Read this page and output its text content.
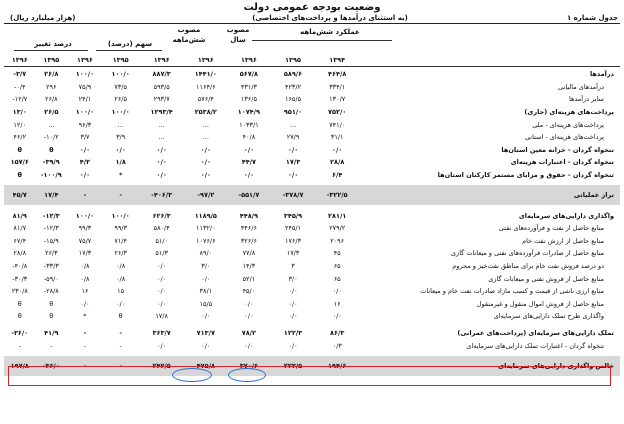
وضعیت بودجه عمومی دولت
جدول شماره ۱
(به استثنای درآمدها و پرداخت‌های اختصاصی)
(هزار میلیارد ریال)
عملکرد شش‌ماهه
مصوب
سال
مصوب
شش‌ماهه
سهم (درصد)
درصد تغییر
۱۳۹۶	۱۳۹۵	۱۳۹۶	۱۳۹۵	۱۳۹۶	۱۳۹۶	۱۳۹۶	۱۳۹۵	۱۳۹۴		
-۳/۷	۲۶/۸	۱۰۰/۰	۱۰۰/۰	۸۸۷/۳	۱۴۴۱/۰	۵۶۷/۸	۵۸۹/۶	۴۶۴/۸		درآمدها
-۰/۴	۲۹۶	۷۵/۹	۷۳/۵	۵۹۳/۵	۱۱۶۴/۶	۴۳۱/۳	۴۲۳/۲	۳۳۴/۱		درآمدهای مالیاتی
-۱۲/۷	۲۶/۸	۲۴/۱	۲۶/۵	۲۹۳/۷	۵۷۶/۴	۱۳۶/۵	۱۶۵/۵	۱۳۰/۷		سایر درآمدها
۱۳/۰	۲۶/۵	۱۰۰/۰	۱۰۰/۰	۱۲۹۳/۴	۲۵۳۸/۲	۱۰۷۴/۹	۹۵۱/۰	۷۵۲/۰		پرداخت‌های هزینه‌ای (جاری)
۱۲/۰	...	۹۶/۳	...	...	...	۱۰۳۳/۱	...	۷۴۱/۰		پرداخت‌های هزینه‌ای - ملی
۴۶/۲	-۱۰/۲	۳/۷	۳/۹	...	...	۴۰/۸	۲۷/۹	۳۱/۱		پرداخت‌های هزینه‌ای - استانی
θ	θ	۰/۰	۰/۰	۰/۰	۰/۰	۰/۰	۰/۰	۰/۰		تنخواه گردان - خزانه معین استان‌ها
۱۵۷/۶	-۳۹/۹	۴/۲	۱/۸	۰/۰	۰/۰	۴۴/۷	۱۷/۳	۲۸/۸		تنخواه گردان - اعتبارات هزینه‌ای
θ	-۱۰۰/۹	۰/۰	*	۰/۰	۰/۰	۰/۰	۰/۰	۶/۴		تنخواه گردان - حقوق و مزایای مستمر کارکنان استان‌ها

۴۵/۷	۱۷/۴	-	-	-۴۰۶/۳	-۹۷/۲	-۵۵۱/۷	-۳۷۸/۷	-۳۲۲/۵		تراز عملیاتی

۸۱/۹	-۱۲/۳	۱۰۰/۰	۱۰۰/۰	۶۲۶/۳	۱۱۸۹/۵	۴۴۸/۹	۳۴۵/۹	۲۸۱/۱		واگذاری دارایی‌های سرمایه‌ای
۸۱/۷	-۱۲/۳	۹۹/۳	۹۹/۳	۵۸۰/۴	۱۱۳۲/۰	۴۴۶/۶	۲۴۵/۱	۲۷۹/۲		منابع حاصل از نفت و فرآورده‌های نفتی
۶۷/۴	-۱۵/۹	۷۵/۷	۷۱/۴	۵۱/۰	۱۰۷۶/۶	۳۲۶/۶	۱۷۶/۳	۲۰۹۶		منابع حاصل از ارزش نفت خام
۲۸/۸	۲۶/۳	۱۷/۳	۲۶/۳	۵۱/۳	۸۹/۰	۷۷/۸	۱۷/۳	۴۵		منابع حاصل از صادرات فرآورده‌های نفتی و میعانات گازی
-۴۰/۸	-۳۳/۳	۰/۸	۰/۸	۰/۰	۳/۰	۱۴/۳	۳	۶۵		دو درصد فروش نفت خام برای مناطق نفت‌خیز و محروم
-۳۰/۳	-۵۹/۰	۰/۸	۰/۸	۰/۰	۰/۰	۵۲/۱	۳/۰	۶۵		منابع حاصل از فروش نفتی و میعانات گازی
۲۳۰/۸	-۲۸/۸	۱۶	۱۵	۰/۰	۳۸/۱	۴۵/۰	۰/۰	۰/۰		منابع ارزی ناشی از قیمت و کسب مازاد صادرات نفت خام و میعانات
θ	θ	۰/۰	۰/۰	۰/۰	۱۵/۵	۰/۰	۰/۰	۱۶		منابع حاصل از فروش اموال منقول و غیرمنقول
θ	θ	*	θ	۱۷/۸	۰/۰	۰/۰	۰/۰	۰/۰		واگذاری طرح تملک دارایی‌های سرمایه‌ای

-۳۶/۰	۴۱/۹	-	-	۳۶۳/۷	۷۱۳/۷	۷۸/۲	۱۲۲/۳	۸۶/۳		تملک دارایی‌های سرمایه‌ای (پرداخت‌های عمرانی)
-	-	-	-	۰/۰	۰/۰	۰/۰	۰/۰	۰/۳		تنخواه گردان - اعتبارات تملک دارایی‌های سرمایه‌ای

۱۹۷/۸	-۳۶/۰	-	-	۲۴۲/۵	۴۷۵/۸	۳۷۰/۶	۲۲۳/۵	۱۹۴/۶		خالص واگذاری دارایی‌های سرمایه‌ای
